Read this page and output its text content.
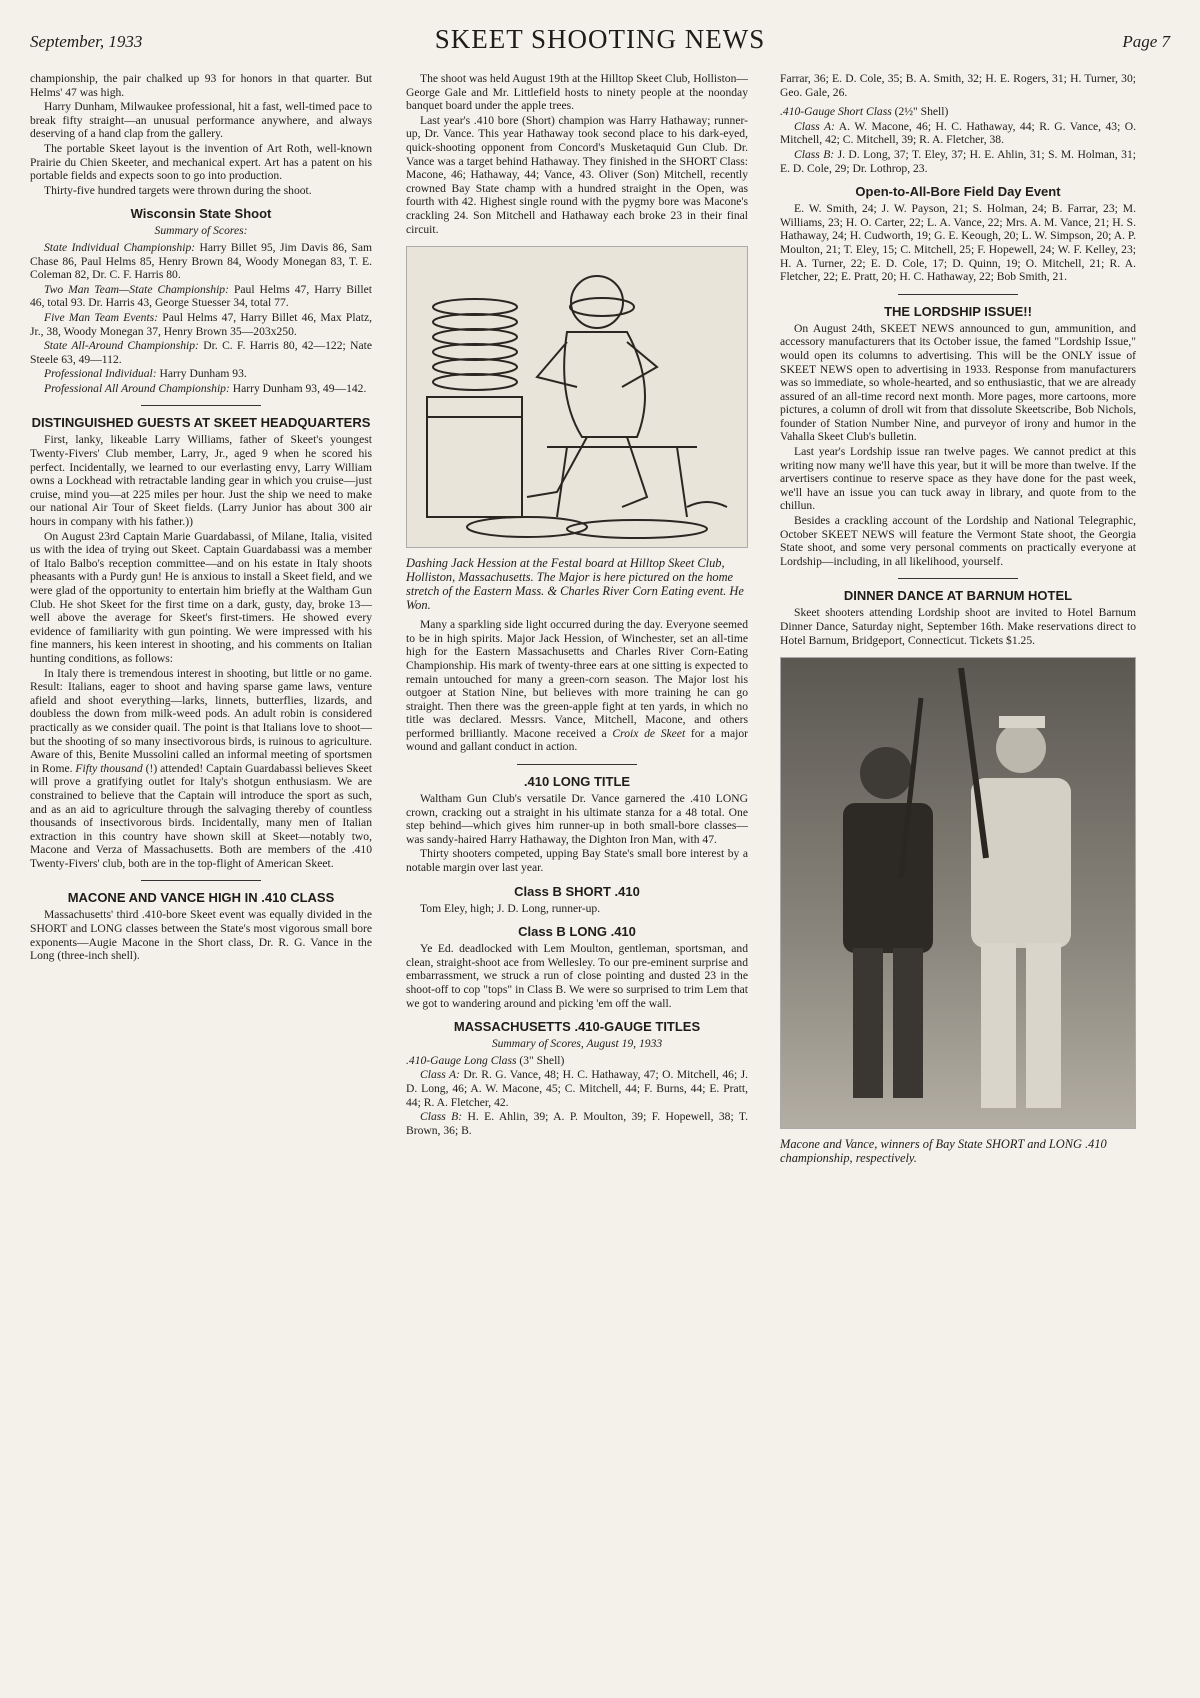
September, 1933	SKEET SHOOTING NEWS	Page 7

championship, the pair chalked up 93 for honors in that quarter. But Helms' 47 was high.

Harry Dunham, Milwaukee professional, hit a fast, well-timed pace to break fifty straight—an unusual performance anywhere, and always deserving of a hand clap from the gallery.

The portable Skeet layout is the invention of Art Roth, well-known Prairie du Chien Skeeter, and mechanical expert. Art has a patent on his portable fields and expects soon to go into production.

Thirty-five hundred targets were thrown during the shoot.

Wisconsin State Shoot
Summary of Scores:

State Individual Championship: Harry Billet 95, Jim Davis 86, Sam Chase 86, Paul Helms 85, Henry Brown 84, Woody Monegan 83, T. E. Coleman 82, Dr. C. F. Harris 80.

Two Man Team—State Championship: Paul Helms 47, Harry Billet 46, total 93. Dr. Harris 43, George Stuesser 34, total 77.

Five Man Team Events: Paul Helms 47, Harry Billet 46, Max Platz, Jr., 38, Woody Monegan 37, Henry Brown 35—203x250.

State All-Around Championship: Dr. C. F. Harris 80, 42—122; Nate Steele 63, 49—112.

Professional Individual: Harry Dunham 93.

Professional All Around Championship: Harry Dunham 93, 49—142.

DISTINGUISHED GUESTS AT SKEET HEADQUARTERS

First, lanky, likeable Larry Williams, father of Skeet's youngest Twenty-Fivers' Club member, Larry, Jr., aged 9 when he scored his perfect. Incidentally, we learned to our everlasting envy, Larry William owns a Lockhead with retractable landing gear in which you cruise—just cruise, mind you—at 225 miles per hour. Just the ship we need to make our national Air Tour of Skeet fields. (Larry Junior has about 300 air hours in company with his father.))

On August 23rd Captain Marie Guardabassi, of Milane, Italia, visited us with the idea of trying out Skeet. Captain Guardabassi was a member of Italo Balbo's reception committee—and on his estate in Italy shoots pheasants with a Purdy gun! He is anxious to install a Skeet field, and we were glad of the opportunity to entertain him briefly at the Waltham Gun Club. He shot Skeet for the first time on a dark, gusty, day, broke 13—well above the average for Skeet's first-timers. He showed every evidence of familiarity with gun pointing. We were impressed with his fine manners, his keen interest in shooting, and his comments on Italian hunting conditions, as follows:

In Italy there is tremendous interest in shooting, but little or no game. Result: Italians, eager to shoot and having sparse game laws, venture afield and shoot everything—larks, linnets, butterflies, lizards, and doubless the down from milk-weed pods. An adult robin is considered practically as we consider quail. The point is that Italians love to shoot—but the shooting of so many insectivorous birds, is ruinous to agriculture. Aware of this, Benite Mussolini called an informal meeting of sportsmen in Rome. Fifty thousand (!) attended! Captain Guardabassi believes Skeet will prove a gratifying outlet for Italy's shotgun enthusiasm. We are constrained to believe that the Captain will introduce the sport as such, and as an aid to agriculture through the salvaging thereby of countless thousands of insectivorous birds. Incidentally, many men of Italian extraction in this country have shown skill at Skeet—notably two, Macone and Verza of Massachusetts. Both are members of the .410 Twenty-Fivers' club, both are in the top-flight of American Skeet.

MACONE AND VANCE HIGH IN .410 CLASS

Massachusetts' third .410-bore Skeet event was equally divided in the SHORT and LONG classes between the State's most vigorous small bore exponents—Augie Macone in the Short class, Dr. R. G. Vance in the Long (three-inch shell).

The shoot was held August 19th at the Hilltop Skeet Club, Holliston—George Gale and Mr. Littlefield hosts to ninety people at the noonday banquet board under the apple trees.

Last year's .410 bore (Short) champion was Harry Hathaway; runner-up, Dr. Vance. This year Hathaway took second place to his dark-eyed, quick-shooting opponent from Concord's Musketaquid Gun Club. Dr. Vance was a target behind Hathaway. They finished in the SHORT Class: Macone, 46; Hathaway, 44; Vance, 43. Oliver (Son) Mitchell, recently crowned Bay State champ with a hundred straight in the Open, was fourth with 42. Highest single round with the pygmy bore was Macone's crackling 24. Son Mitchell and Hathaway each broke 23 in their final circuit.

Dashing Jack Hession at the Festal board at Hilltop Skeet Club, Holliston, Massachusetts. The Major is here pictured on the home stretch of the Eastern Mass. & Charles River Corn Eating event. He Won.

Many a sparkling side light occurred during the day. Everyone seemed to be in high spirits. Major Jack Hession, of Winchester, set an all-time high for the Eastern Massachusetts and Charles River Corn-Eating Championship. His mark of twenty-three ears at one sitting is expected to remain untouched for many a green-corn season. The Major lost his outgoer at Station Nine, but believes with more training he can go straight. Then there was the green-apple fight at ten yards, in which no title was declared. Messrs. Vance, Mitchell, Macone, and others performed brilliantly. Macone received a Croix de Skeet for a major wound and gallant conduct in action.

.410 LONG TITLE

Waltham Gun Club's versatile Dr. Vance garnered the .410 LONG crown, cracking out a straight in his ultimate stanza for a 48 total. One step behind—which gives him runner-up in both small-bore classes—was sandy-haired Harry Hathaway, the Dighton Iron Man, with 47.

Thirty shooters competed, upping Bay State's small bore interest by a notable margin over last year.

Class B SHORT .410

Tom Eley, high; J. D. Long, runner-up.

Class B LONG .410

Ye Ed. deadlocked with Lem Moulton, gentleman, sportsman, and clean, straight-shoot ace from Wellesley. To our pre-eminent surprise and embarrassment, we struck a run of close pointing and dusted 23 in the shoot-off to cop "tops" in Class B. We were so surprised to trim Lem that we got to wandering around and picking 'em off the wall.

MASSACHUSETTS .410-GAUGE TITLES
Summary of Scores, August 19, 1933

.410-Gauge Long Class (3" Shell)

Class A: Dr. R. G. Vance, 48; H. C. Hathaway, 47; O. Mitchell, 46; J. D. Long, 46; A. W. Macone, 45; C. Mitchell, 44; F. Burns, 44; E. Pratt, 44; R. A. Fletcher, 42.

Class B: H. E. Ahlin, 39; A. P. Moulton, 39; F. Hopewell, 38; T. Brown, 36; B.

Farrar, 36; E. D. Cole, 35; B. A. Smith, 32; H. E. Rogers, 31; H. Turner, 30; Geo. Gale, 26.

.410-Gauge Short Class (2½" Shell)

Class A: A. W. Macone, 46; H. C. Hathaway, 44; R. G. Vance, 43; O. Mitchell, 42; C. Mitchell, 39; R. A. Fletcher, 38.

Class B: J. D. Long, 37; T. Eley, 37; H. E. Ahlin, 31; S. M. Holman, 31; E. D. Cole, 29; Dr. Lothrop, 23.

Open-to-All-Bore Field Day Event

E. W. Smith, 24; J. W. Payson, 21; S. Holman, 24; B. Farrar, 23; M. Williams, 23; H. O. Carter, 22; L. A. Vance, 22; Mrs. A. M. Vance, 21; H. S. Hathaway, 24; H. Cudworth, 19; G. E. Keough, 20; L. W. Simpson, 20; A. P. Moulton, 21; T. Eley, 15; C. Mitchell, 25; F. Hopewell, 24; W. F. Kelley, 23; H. A. Turner, 22; E. D. Cole, 17; D. Quinn, 19; O. Mitchell, 21; R. A. Fletcher, 22; E. Pratt, 20; H. C. Hathaway, 22; Bob Smith, 21.

THE LORDSHIP ISSUE!!

On August 24th, SKEET NEWS announced to gun, ammunition, and accessory manufacturers that its October issue, the famed "Lordship Issue," would open its columns to advertising. This will be the ONLY issue of SKEET NEWS open to advertising in 1933. Response from manufacturers was so immediate, so whole-hearted, and so enthusiastic, that we are already assured of an all-time record next month. More pages, more cartoons, more pictures, a column of droll wit from that dissolute Skeetscribe, Bob Nichols, founder of Station Number Nine, and purveyor of irony and humor in the Vahalla Skeet Club's bulletin.

Last year's Lordship issue ran twelve pages. We cannot predict at this writing now many we'll have this year, but it will be more than twelve. If the arvertisers continue to reserve space as they have done for the past week, we'll have an issue you can tuck away in library, and quote from to the chillun.

Besides a crackling account of the Lordship and National Telegraphic, October SKEET NEWS will feature the Vermont State shoot, the Georgia State shoot, and some very personal comments on practically everyone at Lordship—including, in all likelihood, yourself.

DINNER DANCE AT BARNUM HOTEL

Skeet shooters attending Lordship shoot are invited to Hotel Barnum Dinner Dance, Saturday night, September 16th. Make reservations direct to Hotel Barnum, Bridgeport, Connecticut. Tickets $1.25.

Macone and Vance, winners of Bay State SHORT and LONG .410 championship, respectively.
